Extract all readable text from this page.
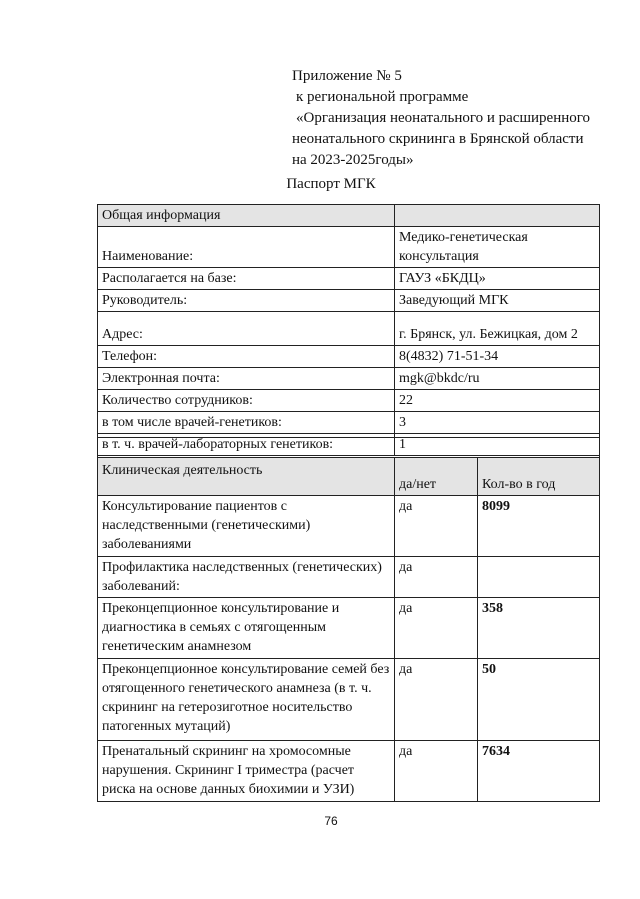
Приложение № 5
к региональной программе
«Организация неонатального и расширенного
неонатального скрининга в Брянской области
на 2023-2025годы»
Паспорт МГК
Общая информация	
Наименование:	Медико-генетическая консультация
Располагается на базе:	ГАУЗ «БКДЦ»
Руководитель:	Заведующий МГК
Адрес:	г. Брянск, ул. Бежицкая, дом 2
Телефон:	8(4832) 71-51-34
Электронная почта:	mgk@bkdc/ru
Количество сотрудников:	22
в том числе врачей-генетиков:	3
в т. ч. врачей-лабораторных генетиков:	1

Клиническая деятельность	да/нет	Кол-во в год
Консультирование пациентов с наследственными (генетическими) заболеваниями	да	8099
Профилактика наследственных (генетических) заболеваний:	да	
Преконцепционное консультирование и диагностика в семьях с отягощенным генетическим анамнезом	да	358
Преконцепционное консультирование семей без отягощенного генетического анамнеза (в т. ч. скрининг на гетерозиготное носительство патогенных мутаций)	да	50
Пренатальный скрининг на хромосомные нарушения. Скрининг I триместра (расчет риска на основе данных биохимии и УЗИ)	да	7634
76
